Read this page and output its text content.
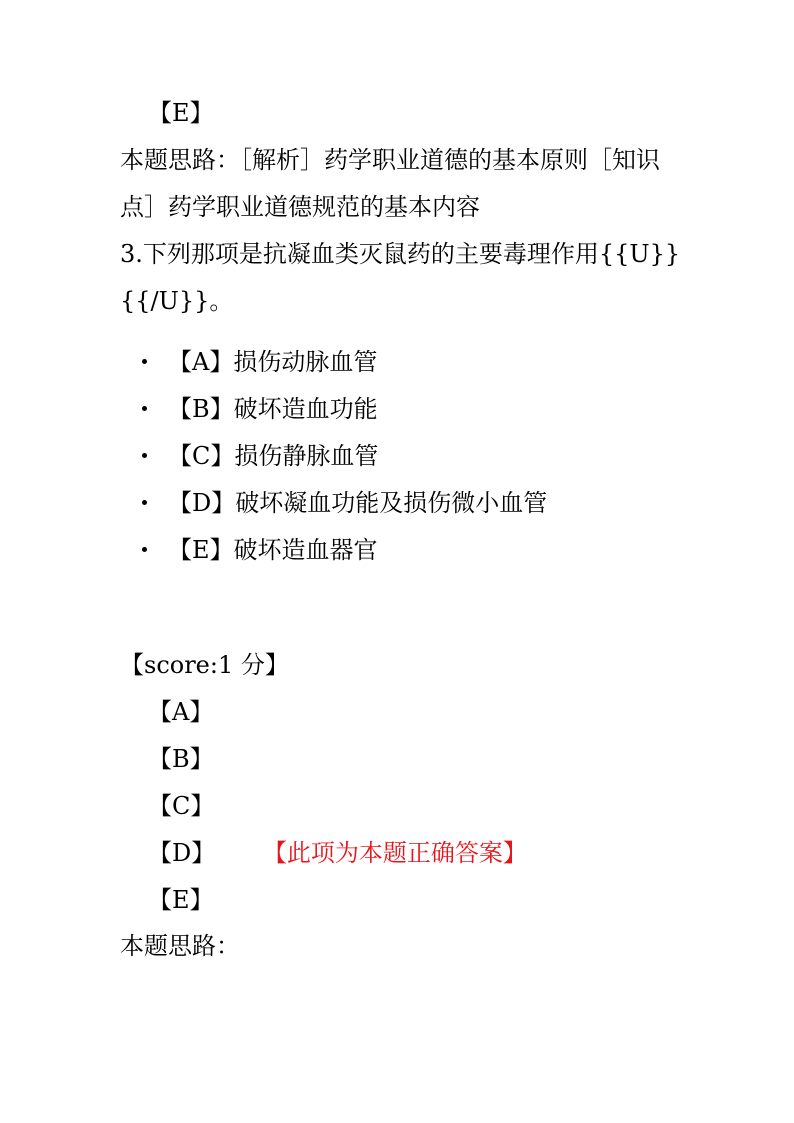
【E】
本题思路：［解析］药学职业道德的基本原则［知识
点］药学职业道德规范的基本内容
3.下列那项是抗凝血类灭鼠药的主要毒理作用{{U}}
{{/U}}。
【A】损伤动脉血管
【B】破坏造血功能
【C】损伤静脉血管
【D】破坏凝血功能及损伤微小血管
【E】破坏造血器官
【score:1 分】
【A】
【B】
【C】
【D】 【此项为本题正确答案】
【E】
本题思路：
